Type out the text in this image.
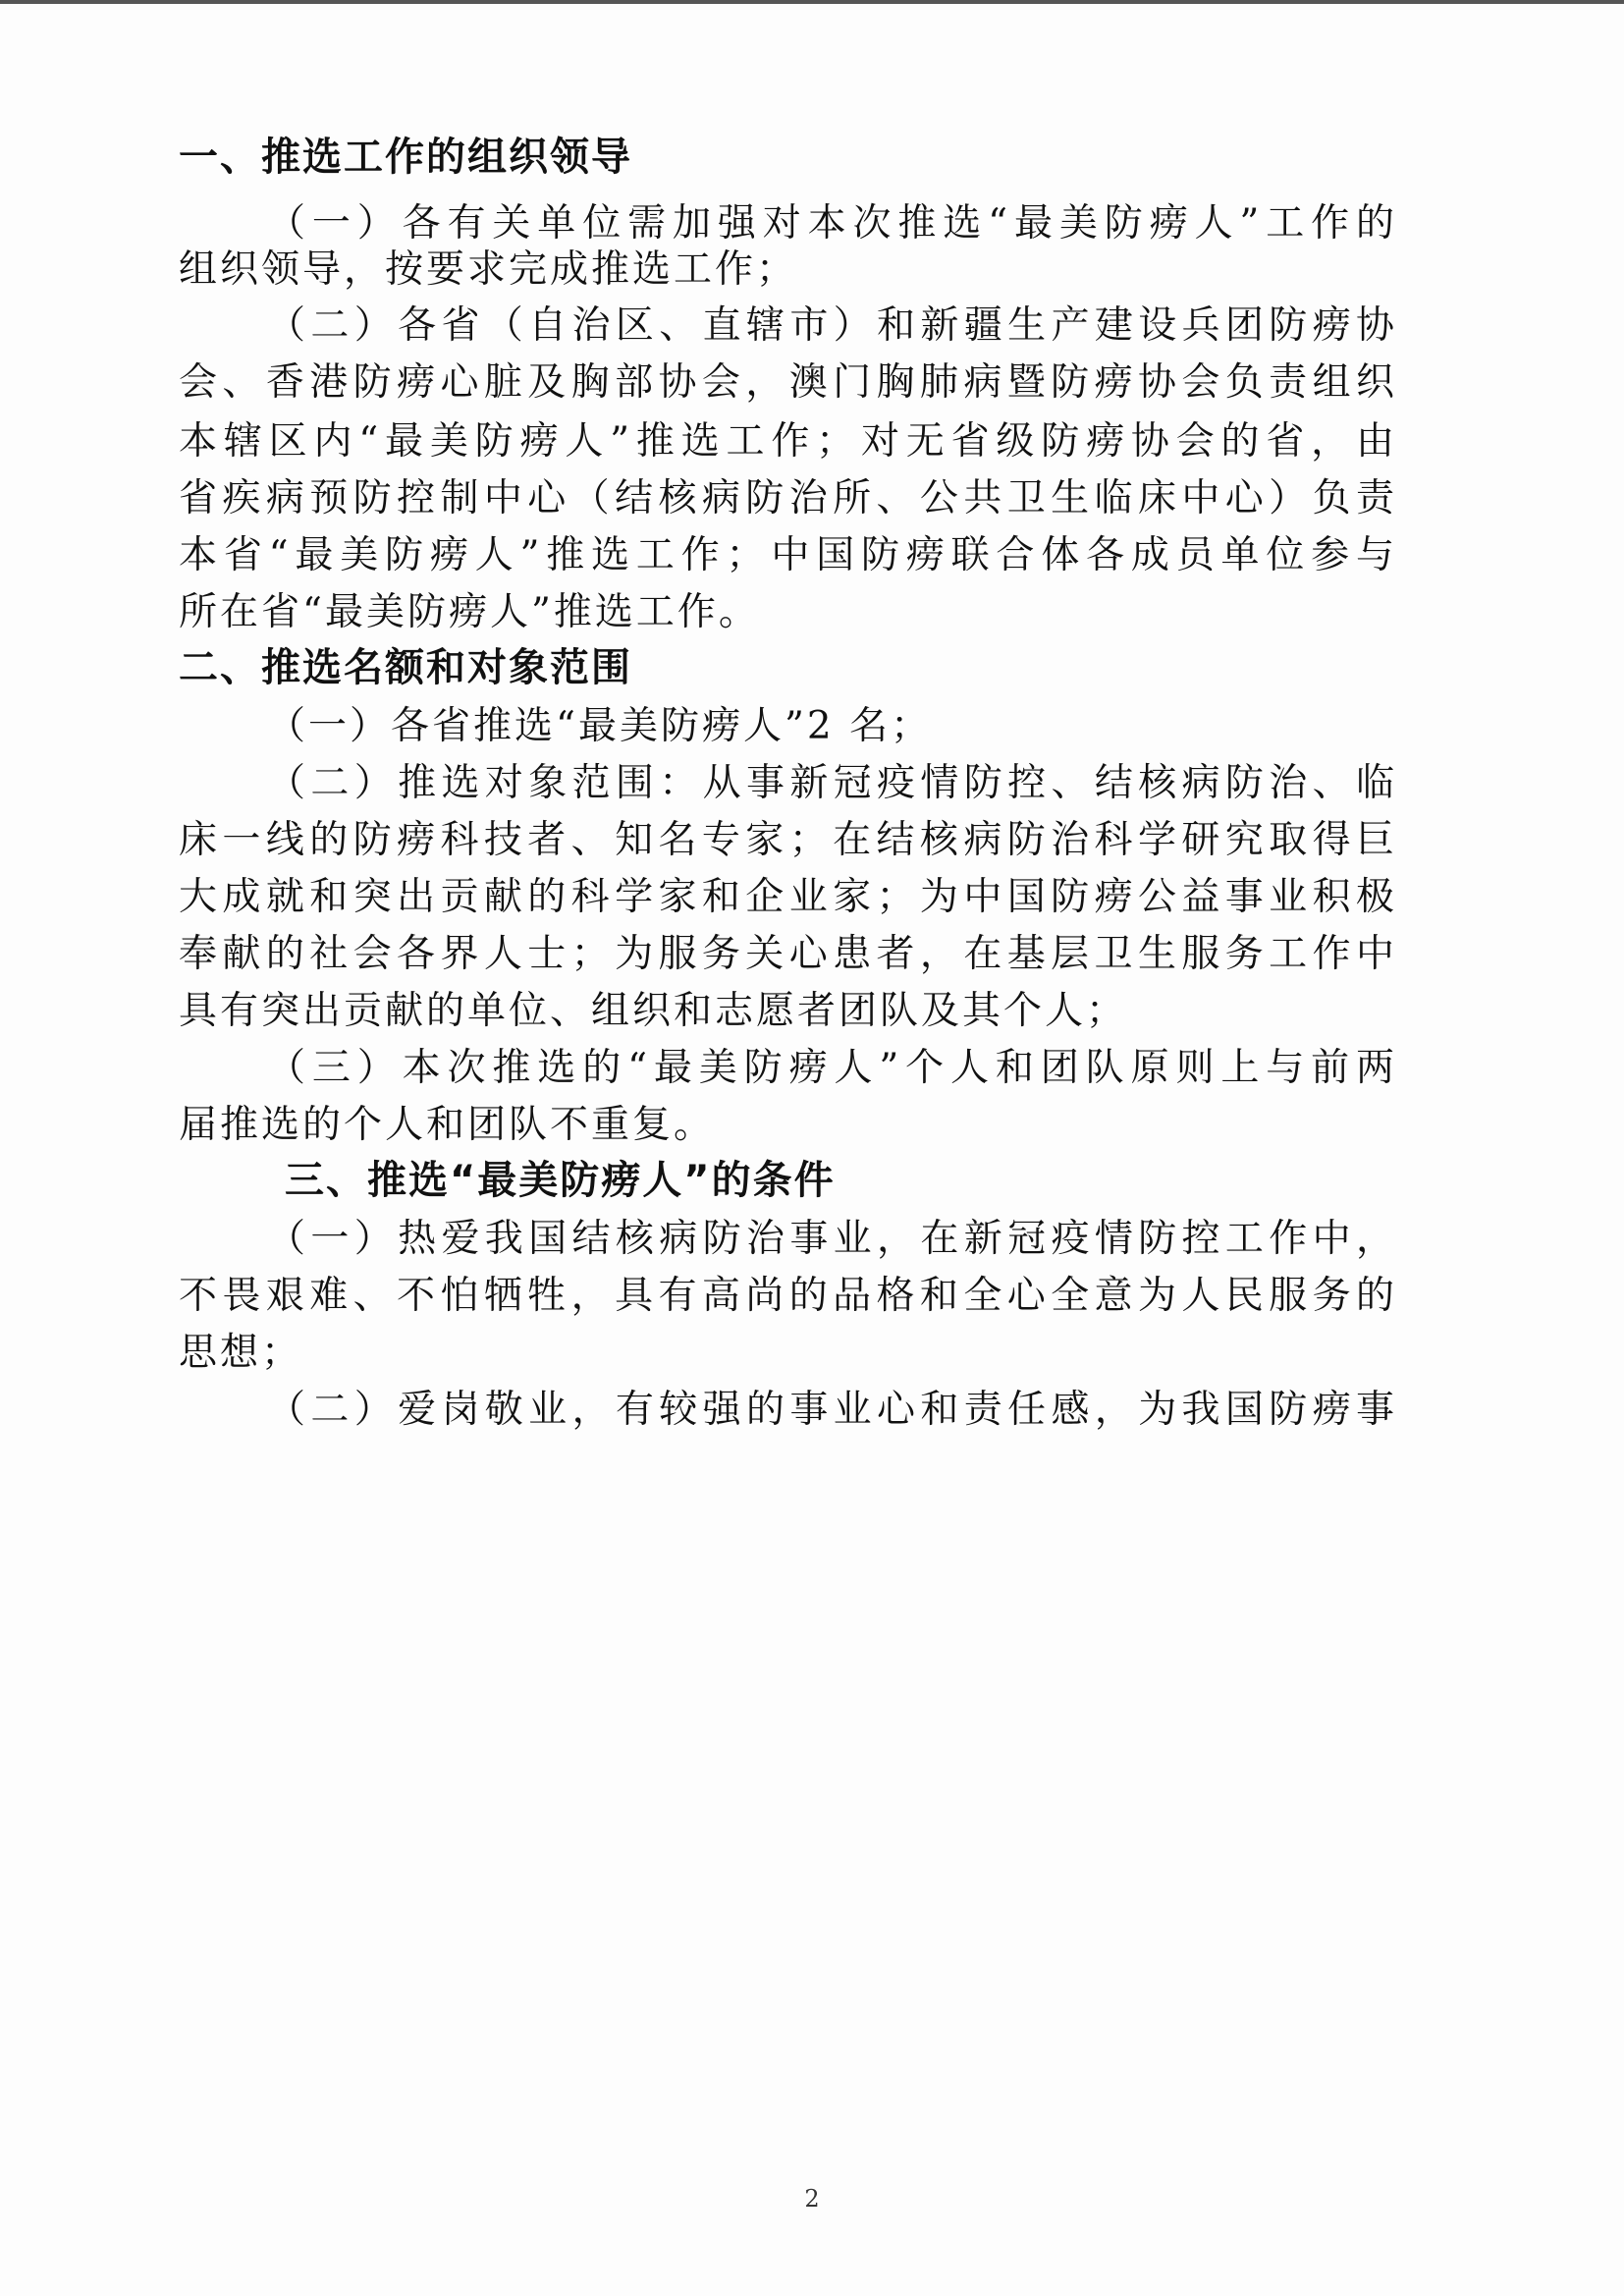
一、推选工作的组织领导
（一）各有关单位需加强对本次推选“最美防痨人”工作的
组织领导，按要求完成推选工作；
（二）各省（自治区、直辖市）和新疆生产建设兵团防痨协
会、香港防痨心脏及胸部协会，澳门胸肺病暨防痨协会负责组织
本辖区内“最美防痨人”推选工作；对无省级防痨协会的省，由
省疾病预防控制中心（结核病防治所、公共卫生临床中心）负责
本省“最美防痨人”推选工作；中国防痨联合体各成员单位参与
所在省“最美防痨人”推选工作。
二、推选名额和对象范围
（一）各省推选“最美防痨人”2 名；
（二）推选对象范围：从事新冠疫情防控、结核病防治、临
床一线的防痨科技者、知名专家；在结核病防治科学研究取得巨
大成就和突出贡献的科学家和企业家；为中国防痨公益事业积极
奉献的社会各界人士；为服务关心患者，在基层卫生服务工作中
具有突出贡献的单位、组织和志愿者团队及其个人；
（三）本次推选的“最美防痨人”个人和团队原则上与前两
届推选的个人和团队不重复。
三、推选“最美防痨人”的条件
（一）热爱我国结核病防治事业，在新冠疫情防控工作中，
不畏艰难、不怕牺牲，具有高尚的品格和全心全意为人民服务的
思想；
（二）爱岗敬业，有较强的事业心和责任感，为我国防痨事
2
